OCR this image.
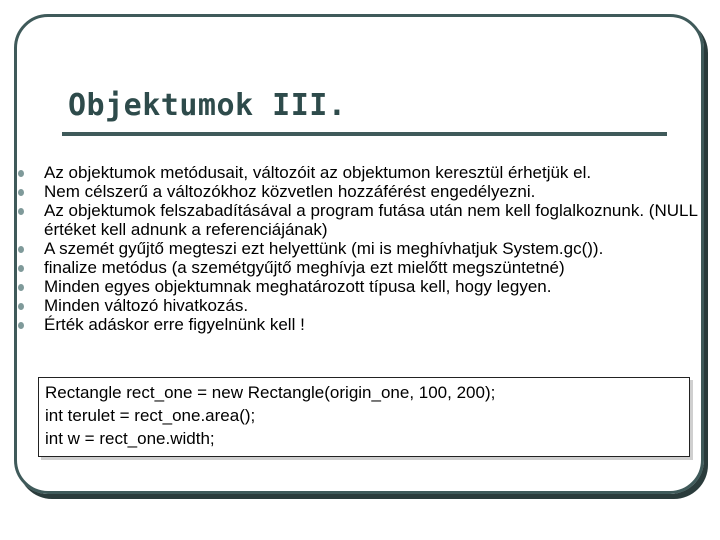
Objektumok III.
Az objektumok metódusait, változóit az objektumon keresztül érhetjük el.
Nem célszerű a változókhoz közvetlen hozzáférést engedélyezni.
Az objektumok felszabadításával a program futása után nem kell foglalkoznunk. (NULL értéket kell adnunk a referenciájának)
A szemét gyűjtő megteszi ezt helyettünk (mi is meghívhatjuk System.gc()).
finalize metódus (a szemétgyűjtő meghívja ezt mielőtt megszüntetné)
Minden egyes objektumnak meghatározott típusa kell, hogy legyen.
Minden változó hivatkozás.
Érték adáskor erre figyelnünk kell !
Rectangle rect_one = new Rectangle(origin_one, 100, 200);
int terulet = rect_one.area();
int w = rect_one.width;
